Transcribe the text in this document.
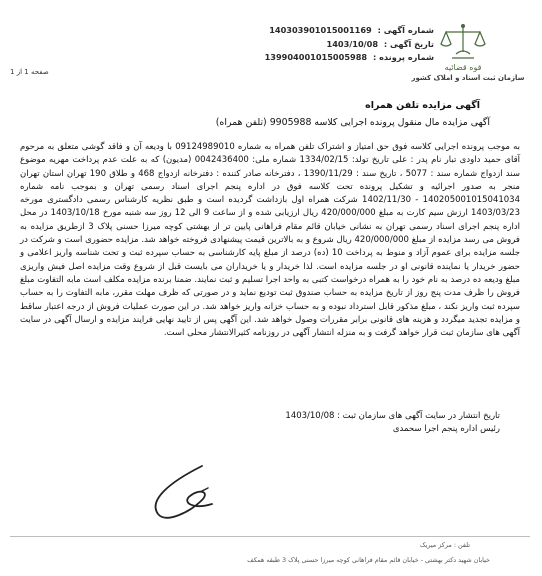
شماره آگهی : 140303901015001169
تاریخ آگهی : 1403/10/08
شماره پرونده : 139904001015005988
قوه قضائیه
سازمان ثبت اسناد و املاک کشور
صفحه 1 از 1
آگهی مزایده تلفن همراه
آگهی مزایده مال منقول پرونده اجرایی کلاسه 9905988 (تلفن همراه)

به موجب پرونده اجرایی کلاسه فوق حق امتیاز و اشتراک تلفن همراه به شماره 09124989010 با ودیعه آن و فاقد گوشی متعلق به مرحوم آقای حمید داودی تبار نام پدر : علی تاریخ تولد: 1334/02/15 شماره ملی: 0042436400 (مدیون) که به علت عدم پرداخت مهریه موضوع سند ازدواج شماره سند : 5077 ، تاریخ سند : 1390/11/29 ، دفترخانه صادر کننده : دفترخانه ازدواج 468 و طلاق 190 تهران استان تهران منجر به صدور اجرائیه و تشکیل پرونده تحت کلاسه فوق در اداره پنجم اجرای اسناد رسمی تهران و بموجب نامه شماره 140205001015041034 - 1402/11/30 شرکت همراه اول بازداشت گردیده است و طبق نظریه کارشناس رسمی دادگستری مورخه 1403/03/23 ارزش سیم کارت به مبلغ 420/000/000 ریال ارزیابی شده و از ساعت 9 الی 12 روز سه شنبه مورخ 1403/10/18 در محل اداره پنجم اجرای اسناد رسمی تهران به نشانی خیابان قائم مقام فراهانی پایین تر از بهشتی کوچه میرزا حسنی پلاک 3 ازطریق مزایده به فروش می رسد مزایده از مبلغ 420/000/000 ریال شروع و به بالاترین قیمت پیشنهادی فروخته خواهد شد. مزایده حضوری است و شرکت در جلسه مزایده برای عموم آزاد و منوط به پرداخت 10 (ده) درصد از مبلغ پایه کارشناسی به حساب سپرده ثبت و تحت شناسه واریز اعلامی و حضور خریدار یا نماینده قانونی او در جلسه مزایده است. لذا خریدار و یا خریداران می بایست قبل از شروع وقت مزایده اصل فیش واریزی مبلغ ودیعه ده درصد به نام خود را به همراه درخواست کتبی به واحد اجرا تسلیم و ثبت نمایند. ضمنا برنده مزایده مکلف است مابه التفاوت مبلغ فروش را ظرف مدت پنج روز از تاریخ مزایده به حساب صندوق ثبت تودیع نماید و در صورتی که ظرف مهلت مقرر، مابه التفاوت را به حساب سپرده ثبت واریز نکند ، مبلغ مذکور قابل استرداد نبوده و به حساب خزانه واریز خواهد شد. در این صورت عملیات فروش از درجه اعتبار ساقط و مزایده تجدید میگردد و هزینه های قانونی برابر مقررات وصول خواهد شد. این آگهی پس از تایید نهایی فرایند مزایده و ارسال آگهی در سایت آگهی های سازمان ثبت قرار خواهد گرفت و به منزله انتشار آگهی در روزنامه کثیرالانتشار محلی است.

تاریخ انتشار در سایت آگهی های سازمان ثبت : 1403/10/08
رئیس اداره پنجم اجرا سحمدی
تلفن : مرکز میریک
خیابان شهید دکتر بهشتی - خیابان قائم مقام فراهانی کوچه میرزا حسنی پلاک 3 طبقه همکف
